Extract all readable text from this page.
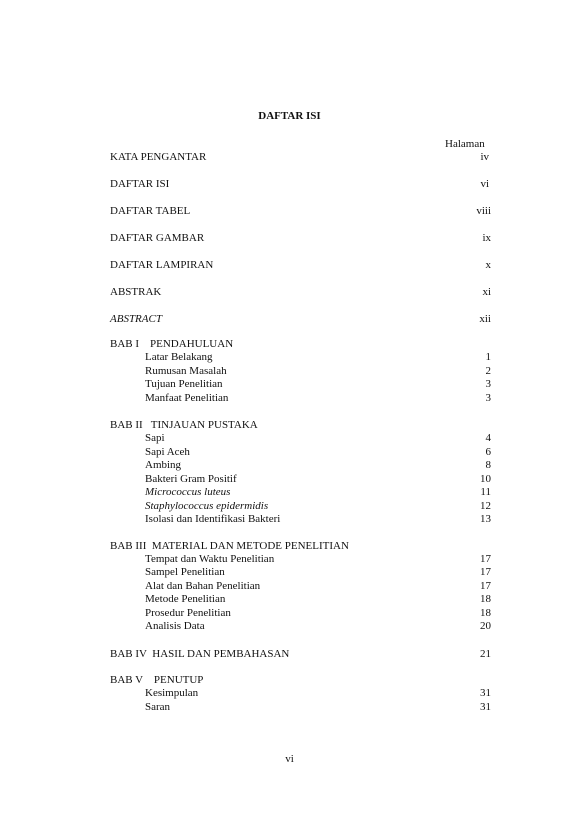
DAFTAR ISI
Halaman
KATA PENGANTAR	iv
DAFTAR ISI	vi
DAFTAR TABEL	viii
DAFTAR GAMBAR	ix
DAFTAR LAMPIRAN	x
ABSTRAK	xi
ABSTRACT	xii
BAB I    PENDAHULUAN
Latar Belakang	1
Rumusan Masalah	2
Tujuan Penelitian	3
Manfaat Penelitian	3
BAB II   TINJAUAN PUSTAKA
Sapi	4
Sapi Aceh	6
Ambing	8
Bakteri Gram Positif	10
Micrococcus luteus	11
Staphylococcus epidermidis	12
Isolasi dan Identifikasi Bakteri	13
BAB III  MATERIAL DAN METODE PENELITIAN
Tempat dan Waktu Penelitian	17
Sampel Penelitian	17
Alat dan Bahan Penelitian	17
Metode Penelitian	18
Prosedur Penelitian	18
Analisis Data	20
BAB IV  HASIL DAN PEMBAHASAN	21
BAB V    PENUTUP
Kesimpulan	31
Saran	31
vi
